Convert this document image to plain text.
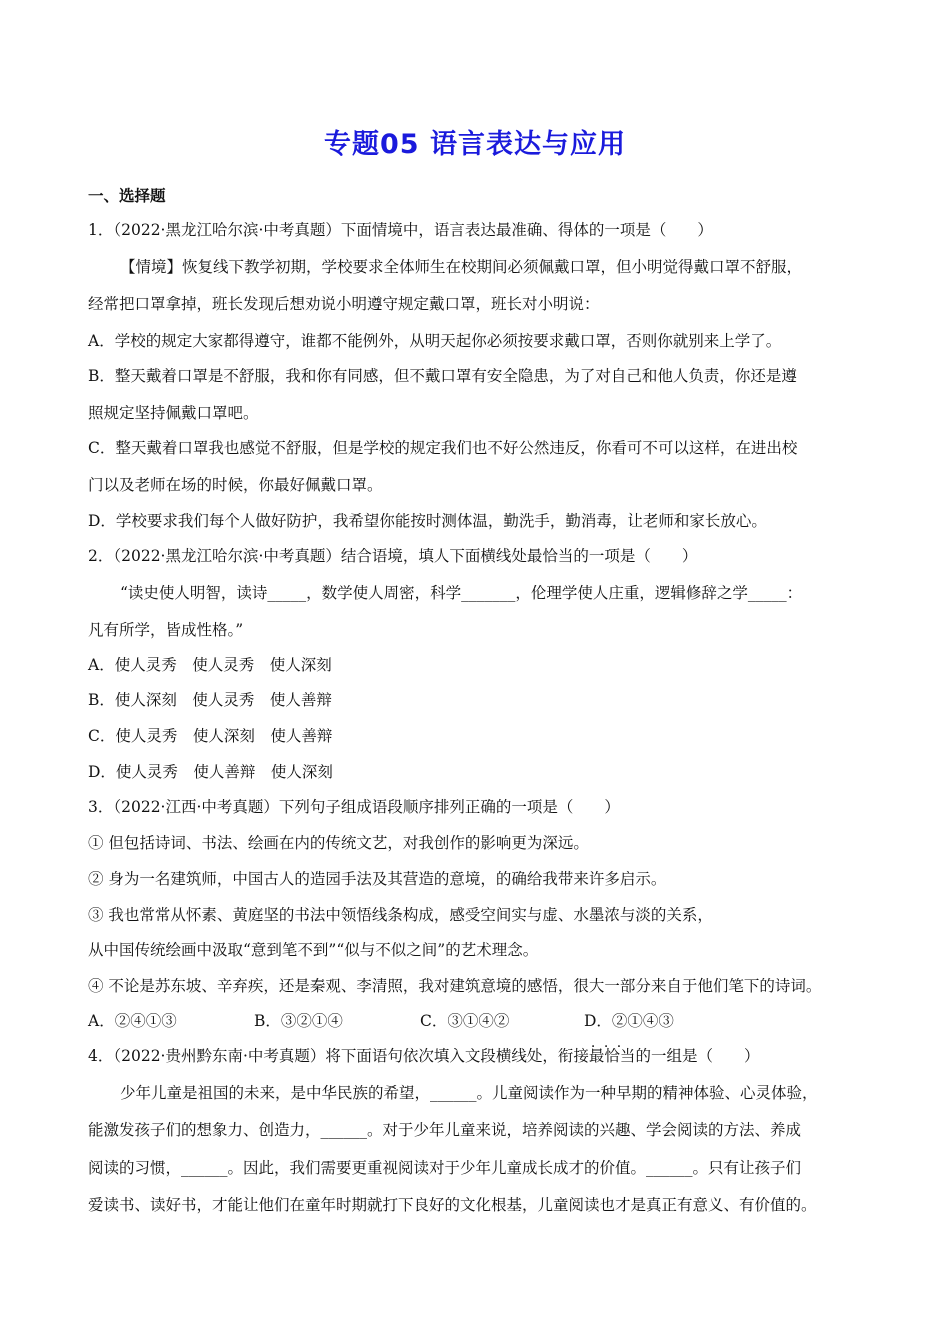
专题05 语言表达与应用
一、选择题
1．（2022·黑龙江哈尔滨·中考真题）下面情境中，语言表达最准确、得体的一项是（　　）
【情境】恢复线下教学初期，学校要求全体师生在校期间必须佩戴口罩，但小明觉得戴口罩不舒服，
经常把口罩拿掉，班长发现后想劝说小明遵守规定戴口罩，班长对小明说：
A．学校的规定大家都得遵守，谁都不能例外，从明天起你必须按要求戴口罩，否则你就别来上学了。
B．整天戴着口罩是不舒服，我和你有同感，但不戴口罩有安全隐患，为了对自己和他人负责，你还是遵
照规定坚持佩戴口罩吧。
C．整天戴着口罩我也感觉不舒服，但是学校的规定我们也不好公然违反，你看可不可以这样，在进出校
门以及老师在场的时候，你最好佩戴口罩。
D．学校要求我们每个人做好防护，我希望你能按时测体温，勤洗手，勤消毒，让老师和家长放心。
2．（2022·黑龙江哈尔滨·中考真题）结合语境，填人下面横线处最恰当的一项是（　　）
“读史使人明智，读诗_____，数学使人周密，科学_______，伦理学使人庄重，逻辑修辞之学_____：
凡有所学，皆成性格。”
A．使人灵秀　使人灵秀　使人深刻
B．使人深刻　使人灵秀　使人善辩
C．使人灵秀　使人深刻　使人善辩
D．使人灵秀　使人善辩　使人深刻
3．（2022·江西·中考真题）下列句子组成语段顺序排列正确的一项是（　　）
① 但包括诗词、书法、绘画在内的传统文艺，对我创作的影响更为深远。
② 身为一名建筑师，中国古人的造园手法及其营造的意境，的确给我带来许多启示。
③ 我也常常从怀素、黄庭坚的书法中领悟线条构成，感受空间实与虚、水墨浓与淡的关系，
从中国传统绘画中汲取“意到笔不到”“似与不似之间”的艺术理念。
④ 不论是苏东坡、辛弃疾，还是秦观、李清照，我对建筑意境的感悟，很大一部分来自于他们笔下的诗词。
A．②④①③	B．③②①④	C．③①④②	D．②①④③
4．（2022·贵州黔东南·中考真题）将下面语句依次填入文段横线处，衔接最恰当 · · ·的一组是（　　）
少年儿童是祖国的未来，是中华民族的希望，______。儿童阅读作为一种早期的精神体验、心灵体验，
能激发孩子们的想象力、创造力，______。对于少年儿童来说，培养阅读的兴趣、学会阅读的方法、养成
阅读的习惯，______。因此，我们需要更重视阅读对于少年儿童成长成才的价值。______。只有让孩子们
爱读书、读好书，才能让他们在童年时期就打下良好的文化根基，儿童阅读也才是真正有意义、有价值的。
